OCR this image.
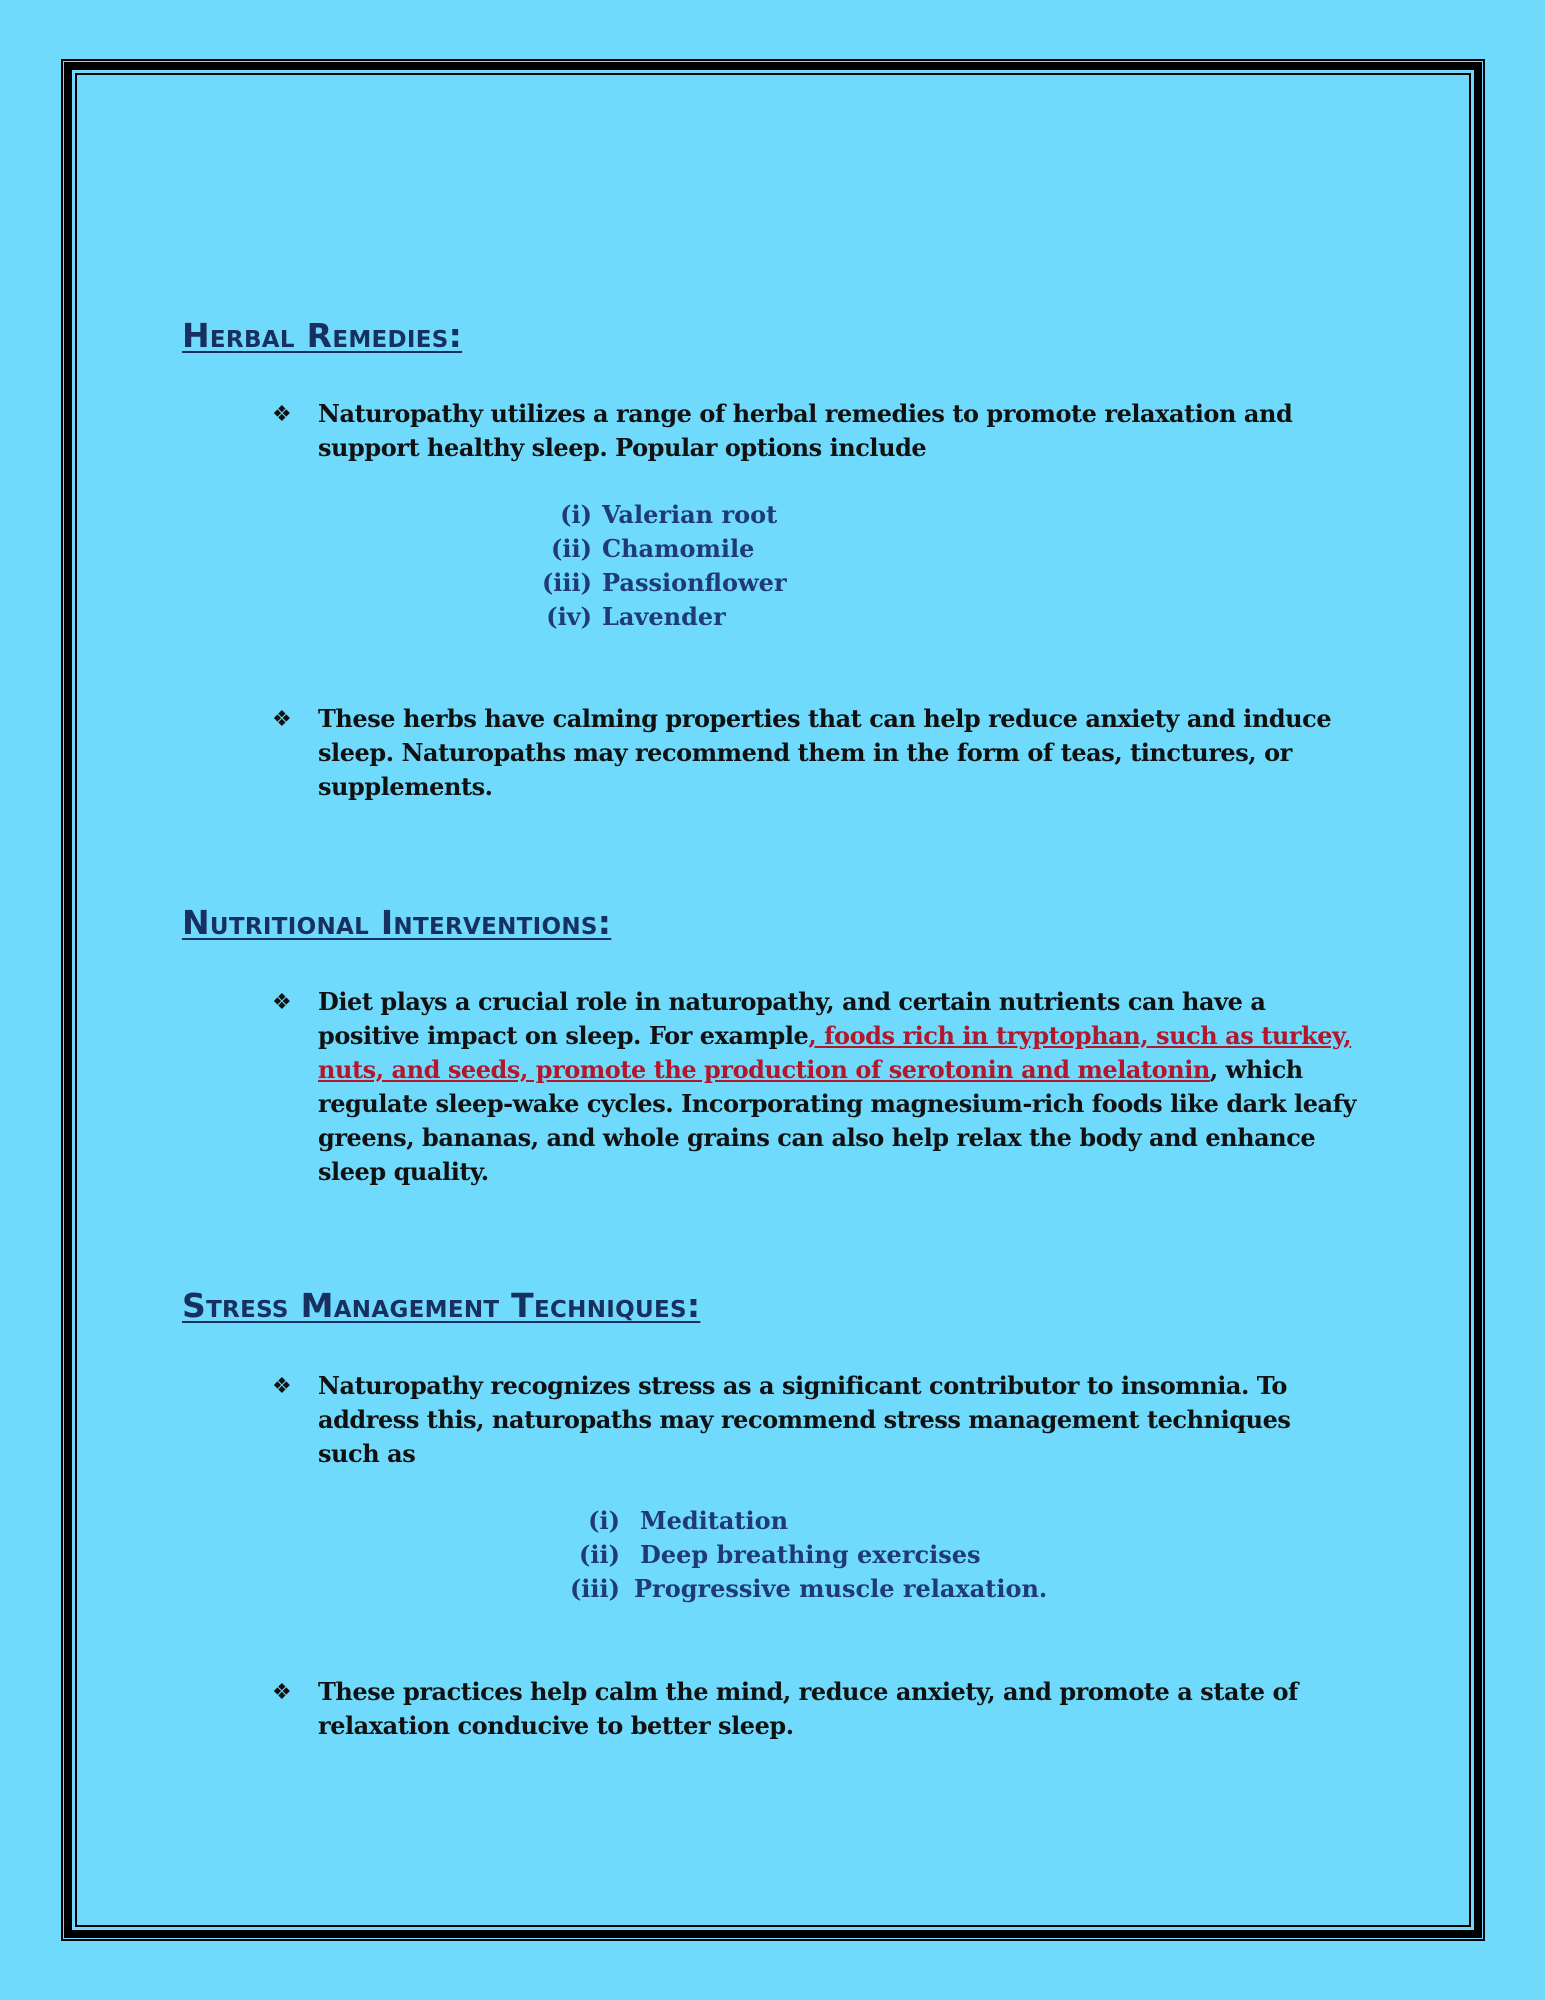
Herbal Remedies:
❖ Naturopathy utilizes a range of herbal remedies to promote relaxation and
support healthy sleep. Popular options include

(i) Valerian root
(ii) Chamomile
(iii) Passionflower
(iv) Lavender
❖ These herbs have calming properties that can help reduce anxiety and induce
sleep. Naturopaths may recommend them in the form of teas, tinctures, or
supplements.

Nutritional Interventions:
❖ Diet plays a crucial role in naturopathy, and certain nutrients can have a
positive impact on sleep. For example, foods rich in tryptophan, such as turkey,
nuts, and seeds, promote the production of serotonin and melatonin, which
regulate sleep-wake cycles. Incorporating magnesium-rich foods like dark leafy
greens, bananas, and whole grains can also help relax the body and enhance
sleep quality.

Stress Management Techniques:
❖ Naturopathy recognizes stress as a significant contributor to insomnia. To
address this, naturopaths may recommend stress management techniques
such as

(i) Meditation
(ii) Deep breathing exercises
(iii) Progressive muscle relaxation.
❖ These practices help calm the mind, reduce anxiety, and promote a state of
relaxation conducive to better sleep.
